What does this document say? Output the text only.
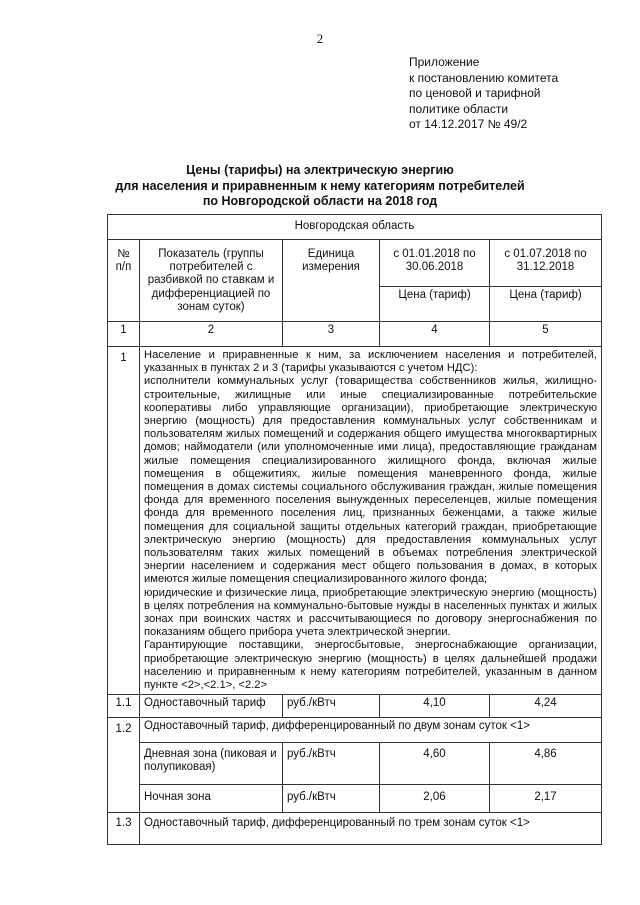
2
Приложение
к постановлению комитета
по ценовой и тарифной
политике области
от 14.12.2017 № 49/2
Цены (тарифы) на электрическую энергию
для населения и приравненным к нему категориям потребителей
по Новгородской области на 2018 год
Новгородская область				
№ п/п	Показатель (группы потребителей с разбивкой по ставкам и дифференциацией по зонам суток)	Единица измерения	с 01.01.2018 по 30.06.2018	с 01.07.2018 по 31.12.2018
			Цена (тариф)	Цена (тариф)
1	2	3	4	5
1	Население и приравненные к ним, за исключением населения и потребителей, указанных в пунктах 2 и 3 (тарифы указываются с учетом НДС):

исполнители коммунальных услуг (товарищества собственников жилья, жилищно-строительные, жилищные или иные специализированные потребительские кооперативы либо управляющие организации), приобретающие электрическую энергию (мощность) для предоставления коммунальных услуг собственникам и пользователям жилых помещений и содержания общего имущества многоквартирных домов; наймодатели (или уполномоченные ими лица), предоставляющие гражданам жилые помещения специализированного жилищного фонда, включая жилые помещения в общежитиях, жилые помещения маневренного фонда, жилые помещения в домах системы социального обслуживания граждан, жилые помещения фонда для временного поселения вынужденных переселенцев, жилые помещения фонда для временного поселения лиц, признанных беженцами, а также жилые помещения для социальной защиты отдельных категорий граждан, приобретающие электрическую энергию (мощность) для предоставления коммунальных услуг пользователям таких жилых помещений в объемах потребления электрической энергии населением и содержания мест общего пользования в домах, в которых имеются жилые помещения специализированного жилого фонда;

юридические и физические лица, приобретающие электрическую энергию (мощность) в целях потребления на коммунально-бытовые нужды в населенных пунктах и жилых зонах при воинских частях и рассчитывающиеся по договору энергоснабжения по показаниям общего прибора учета электрической энергии.

Гарантирующие поставщики, энергосбытовые, энергоснабжающие организации, приобретающие электрическую энергию (мощность) в целях дальнейшей продажи населению и приравненным к нему категориям потребителей, указанным в данном пункте <2>,<2.1>, <2.2>			

1.1	Одноставочный тариф	руб./кВтч	4,10	4,24
1.2	Одноставочный тариф, дифференцированный по двум зонам суток <1>			
	Дневная зона (пиковая и полупиковая)	руб./кВтч	4,60	4,86
	Ночная зона	руб./кВтч	2,06	2,17
1.3	Одноставочный тариф, дифференцированный по трем зонам суток <1>			
